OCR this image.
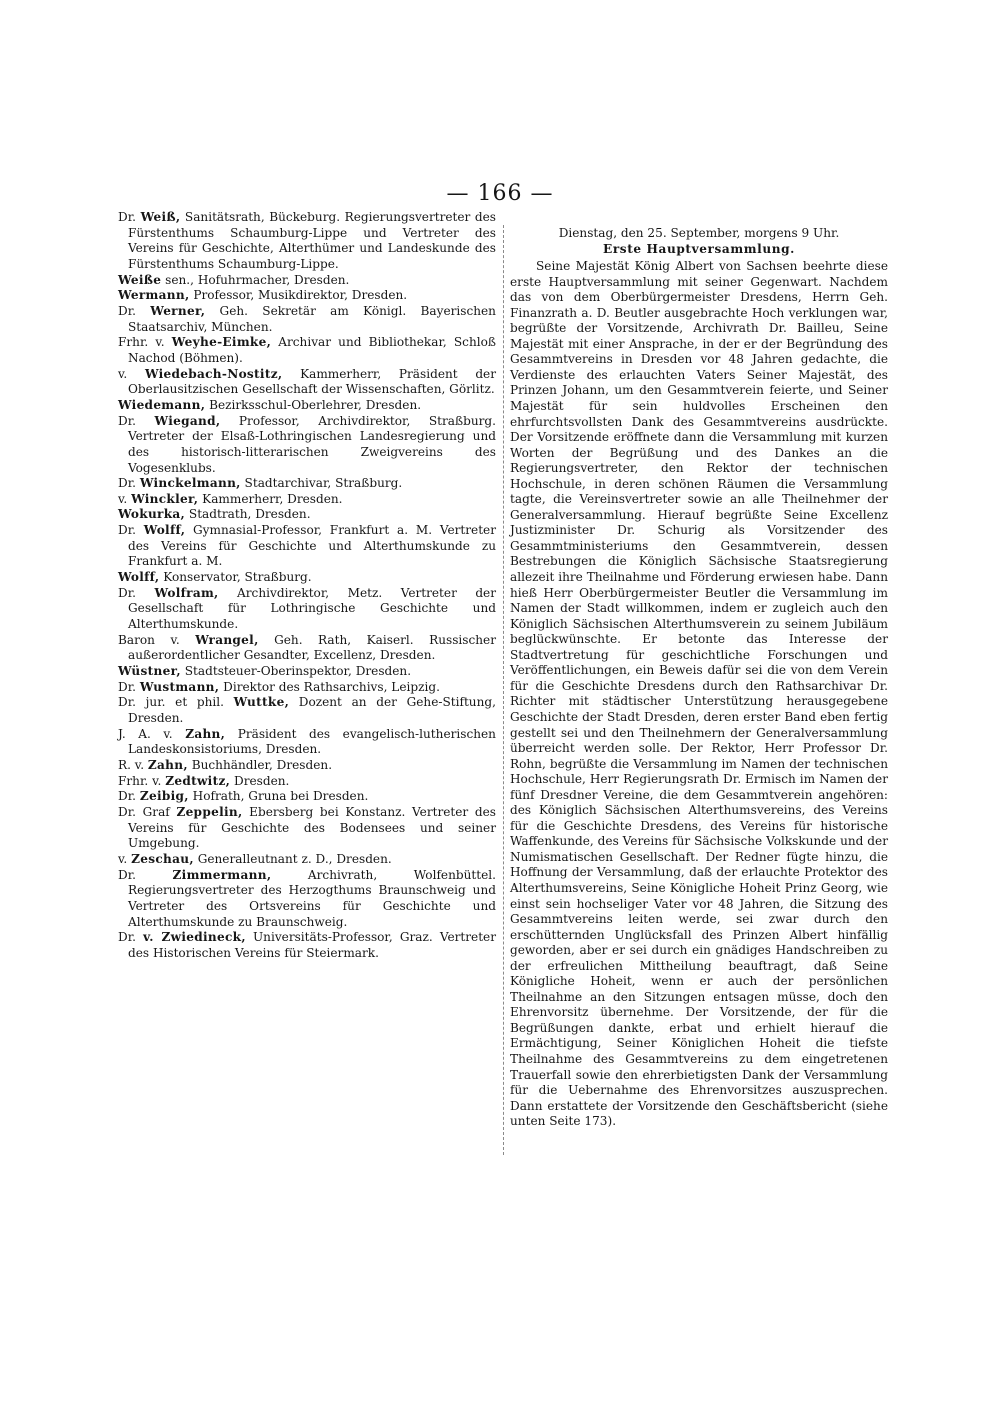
— 166 —

Dr. Weiß, Sanitätsrath, Bückeburg. Regierungsvertreter des Fürstenthums Schaumburg-Lippe und Vertreter des Vereins für Geschichte, Alterthümer und Landeskunde des Fürstenthums Schaumburg-Lippe.

Weiße sen., Hofuhrmacher, Dresden.

Wermann, Professor, Musikdirektor, Dresden.

Dr. Werner, Geh. Sekretär am Königl. Bayerischen Staatsarchiv, München.

Frhr. v. Weyhe-Eimke, Archivar und Bibliothekar, Schloß Nachod (Böhmen).

v. Wiedebach-Nostitz, Kammerherr, Präsident der Oberlausitzischen Gesellschaft der Wissenschaften, Görlitz.

Wiedemann, Bezirksschul-Oberlehrer, Dresden.

Dr. Wiegand, Professor, Archivdirektor, Straßburg. Vertreter der Elsaß-Lothringischen Landesregierung und des historisch-litterarischen Zweigvereins des Vogesenklubs.

Dr. Winckelmann, Stadtarchivar, Straßburg.

v. Winckler, Kammerherr, Dresden.

Wokurka, Stadtrath, Dresden.

Dr. Wolff, Gymnasial-Professor, Frankfurt a. M. Vertreter des Vereins für Geschichte und Alterthumskunde zu Frankfurt a. M.

Wolff, Konservator, Straßburg.

Dr. Wolfram, Archivdirektor, Metz. Vertreter der Gesellschaft für Lothringische Geschichte und Alterthumskunde.

Baron v. Wrangel, Geh. Rath, Kaiserl. Russischer außerordentlicher Gesandter, Excellenz, Dresden.

Wüstner, Stadtsteuer-Oberinspektor, Dresden.

Dr. Wustmann, Direktor des Rathsarchivs, Leipzig.

Dr. jur. et phil. Wuttke, Dozent an der Gehe-Stiftung, Dresden.

J. A. v. Zahn, Präsident des evangelisch-lutherischen Landeskonsistoriums, Dresden.

R. v. Zahn, Buchhändler, Dresden.

Frhr. v. Zedtwitz, Dresden.

Dr. Zeibig, Hofrath, Gruna bei Dresden.

Dr. Graf Zeppelin, Ebersberg bei Konstanz. Vertreter des Vereins für Geschichte des Bodensees und seiner Umgebung.

v. Zeschau, Generalleutnant z. D., Dresden.

Dr.	Zimmermann,	Archivrath, Wolfenbüttel. Regierungsvertreter des Herzogthums Braunschweig und Vertreter des Ortsvereins für Geschichte und Alterthumskunde zu Braunschweig.

Dr. v. Zwiedineck, Universitäts-Professor, Graz. Vertreter des Historischen Vereins für Steiermark.

Dienstag, den 25. September, morgens 9 Uhr.

Erste Hauptversammlung.

Seine Majestät König Albert von Sachsen beehrte diese erste Hauptversammlung mit seiner Gegenwart. Nachdem das von dem Oberbürgermeister Dresdens, Herrn Geh. Finanzrath a. D. Beutler ausgebrachte Hoch verklungen war, begrüßte der Vorsitzende, Archivrath Dr. Bailleu, Seine Majestät mit einer Ansprache, in der er der Begründung des Gesammtvereins in Dresden vor 48 Jahren gedachte, die Verdienste des erlauchten Vaters Seiner Majestät, des Prinzen Johann, um den Gesammtverein feierte, und Seiner Majestät für sein huldvolles Erscheinen den ehrfurchtsvollsten Dank des Gesammtvereins ausdrückte. Der Vorsitzende eröffnete dann die Versammlung mit kurzen Worten der Begrüßung und des Dankes an die Regierungsvertreter, den Rektor der technischen Hochschule, in deren schönen Räumen die Versammlung tagte, die Vereinsvertreter sowie an alle Theilnehmer der Generalversammlung. Hierauf begrüßte Seine Excellenz Justizminister Dr. Schurig als Vorsitzender des Gesammtministeriums den Gesammtverein, dessen Bestrebungen die Königlich Sächsische Staatsregierung allezeit ihre Theilnahme und Förderung erwiesen habe. Dann hieß Herr Oberbürgermeister Beutler die Versammlung im Namen der Stadt willkommen, indem er zugleich auch den Königlich Sächsischen Alterthumsverein zu seinem Jubiläum beglückwünschte. Er betonte das Interesse der Stadtvertretung für geschichtliche Forschungen und Veröffentlichungen, ein Beweis dafür sei die von dem Verein für die Geschichte Dresdens durch den Rathsarchivar Dr. Richter mit städtischer Unterstützung herausgegebene Geschichte der Stadt Dresden, deren erster Band eben fertig gestellt sei und den Theilnehmern der Generalversammlung überreicht werden solle. Der Rektor, Herr Professor Dr. Rohn, begrüßte die Versammlung im Namen der technischen Hochschule, Herr Regierungsrath Dr. Ermisch im Namen der fünf Dresdner Vereine, die dem Gesammtverein angehören: des Königlich Sächsischen Alterthumsvereins, des Vereins für die Geschichte Dresdens, des Vereins für historische Waffenkunde, des Vereins für Sächsische Volkskunde und der Numismatischen Gesellschaft. Der Redner fügte hinzu, die Hoffnung der Versammlung, daß der erlauchte Protektor des Alterthumsvereins, Seine Königliche Hoheit Prinz Georg, wie einst sein hochseliger Vater vor 48 Jahren, die Sitzung des Gesammtvereins leiten werde, sei zwar durch den erschütternden Unglücksfall des Prinzen Albert hinfällig geworden, aber er sei durch ein gnädiges Handschreiben zu der erfreulichen Mittheilung beauftragt, daß Seine Königliche Hoheit, wenn er auch der persönlichen Theilnahme an den Sitzungen entsagen müsse, doch den Ehrenvorsitz übernehme. Der Vorsitzende, der für die Begrüßungen dankte, erbat und erhielt hierauf die Ermächtigung, Seiner Königlichen Hoheit die tiefste Theilnahme des Gesammtvereins zu dem eingetretenen Trauerfall sowie den ehrerbietigsten Dank der Versammlung für die Uebernahme des Ehrenvorsitzes auszusprechen. Dann erstattete der Vorsitzende den Geschäftsbericht (siehe unten Seite 173).
